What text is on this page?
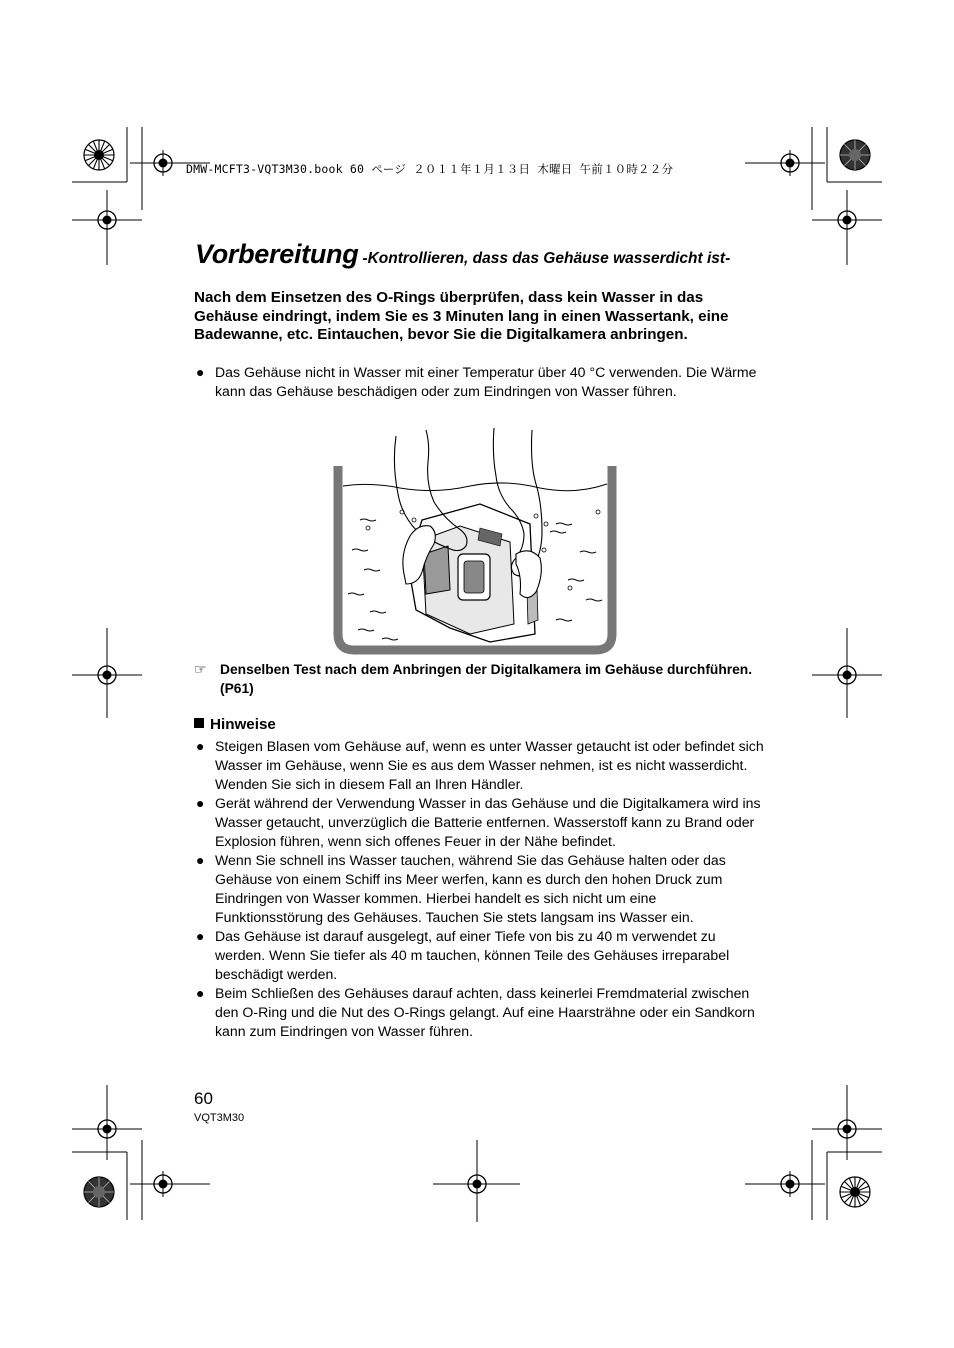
DMW-MCFT3-VQT3M30.book 60 ページ ２０１１年１月１３日 木曜日 午前１０時２２分
Vorbereitung -Kontrollieren, dass das Gehäuse wasserdicht ist-
Nach dem Einsetzen des O-Rings überprüfen, dass kein Wasser in das Gehäuse eindringt, indem Sie es 3 Minuten lang in einen Wassertank, eine Badewanne, etc. Eintauchen, bevor Sie die Digitalkamera anbringen.
● Das Gehäuse nicht in Wasser mit einer Temperatur über 40 °C verwenden. Die Wärme kann das Gehäuse beschädigen oder zum Eindringen von Wasser führen.
☞ Denselben Test nach dem Anbringen der Digitalkamera im Gehäuse durchführen. (P61)
Hinweise
● Steigen Blasen vom Gehäuse auf, wenn es unter Wasser getaucht ist oder befindet sich Wasser im Gehäuse, wenn Sie es aus dem Wasser nehmen, ist es nicht wasserdicht. Wenden Sie sich in diesem Fall an Ihren Händler.
● Gerät während der Verwendung Wasser in das Gehäuse und die Digitalkamera wird ins Wasser getaucht, unverzüglich die Batterie entfernen. Wasserstoff kann zu Brand oder Explosion führen, wenn sich offenes Feuer in der Nähe befindet.
● Wenn Sie schnell ins Wasser tauchen, während Sie das Gehäuse halten oder das Gehäuse von einem Schiff ins Meer werfen, kann es durch den hohen Druck zum Eindringen von Wasser kommen. Hierbei handelt es sich nicht um eine Funktionsstörung des Gehäuses. Tauchen Sie stets langsam ins Wasser ein.
● Das Gehäuse ist darauf ausgelegt, auf einer Tiefe von bis zu 40 m verwendet zu werden. Wenn Sie tiefer als 40 m tauchen, können Teile des Gehäuses irreparabel beschädigt werden.
● Beim Schließen des Gehäuses darauf achten, dass keinerlei Fremdmaterial zwischen den O-Ring und die Nut des O-Rings gelangt. Auf eine Haarsträhne oder ein Sandkorn kann zum Eindringen von Wasser führen.
60
VQT3M30
